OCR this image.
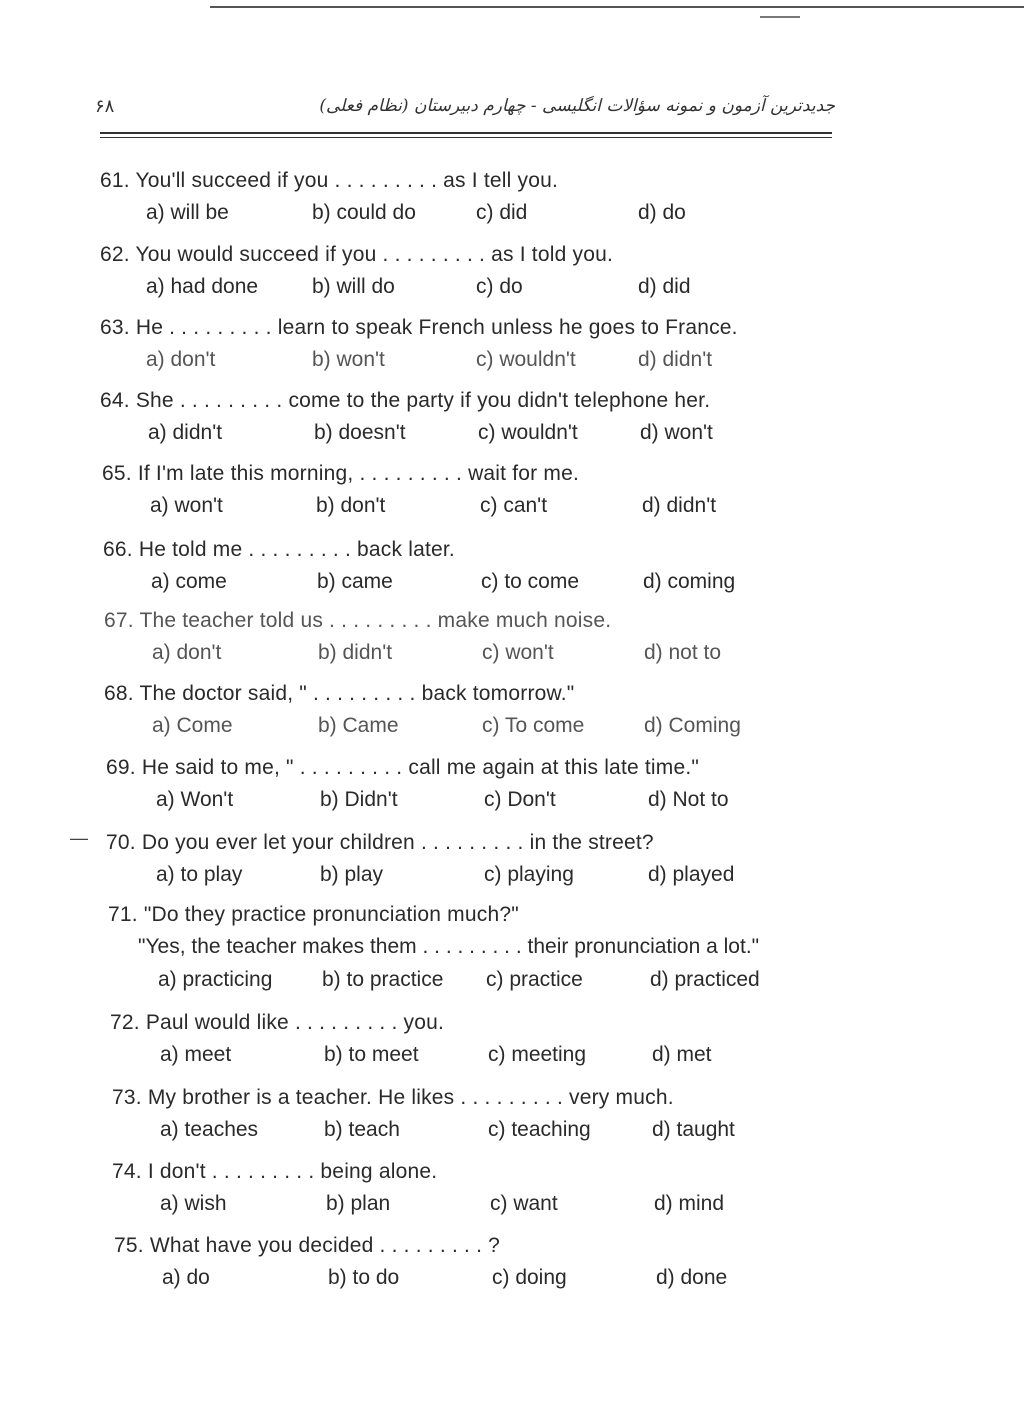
۶۸	جدیدترین آزمون و نمونه سؤالات انگلیسی - چهارم دبیرستان (نظام فعلی)
61. You'll succeed if you . . . . . . . . . as I tell you.
a) will be	b) could do	c) did	d) do
62. You would succeed if you . . . . . . . . . as I told you.
a) had done	b) will do	c) do	d) did
63. He . . . . . . . . . learn to speak French unless he goes to France.
a) don't	b) won't	c) wouldn't	d) didn't
64. She . . . . . . . . . come to the party if you didn't telephone her.
a) didn't	b) doesn't	c) wouldn't	d) won't
65. If I'm late this morning, . . . . . . . . . wait for me.
a) won't	b) don't	c) can't	d) didn't
66. He told me . . . . . . . . . back later.
a) come	b) came	c) to come	d) coming
67. The teacher told us . . . . . . . . . make much noise.
a) don't	b) didn't	c) won't	d) not to
68. The doctor said, " . . . . . . . . . back tomorrow."
a) Come	b) Came	c) To come	d) Coming
69. He said to me, " . . . . . . . . . call me again at this late time."
a) Won't	b) Didn't	c) Don't	d) Not to
— 70. Do you ever let your children . . . . . . . . . in the street?
a) to play	b) play	c) playing	d) played
71. "Do they practice pronunciation much?"
"Yes, the teacher makes them . . . . . . . . . their pronunciation a lot."
a) practicing b) to practice c) practice	d) practiced
72. Paul would like . . . . . . . . . you.
a) meet	b) to meet	c) meeting	d) met
73. My brother is a teacher. He likes . . . . . . . . . very much.
a) teaches	b) teach	c) teaching	d) taught
74. I don't . . . . . . . . . being alone.
a) wish	b) plan	c) want	d) mind
75. What have you decided . . . . . . . . . ?
a) do	b) to do	c) doing	d) done
